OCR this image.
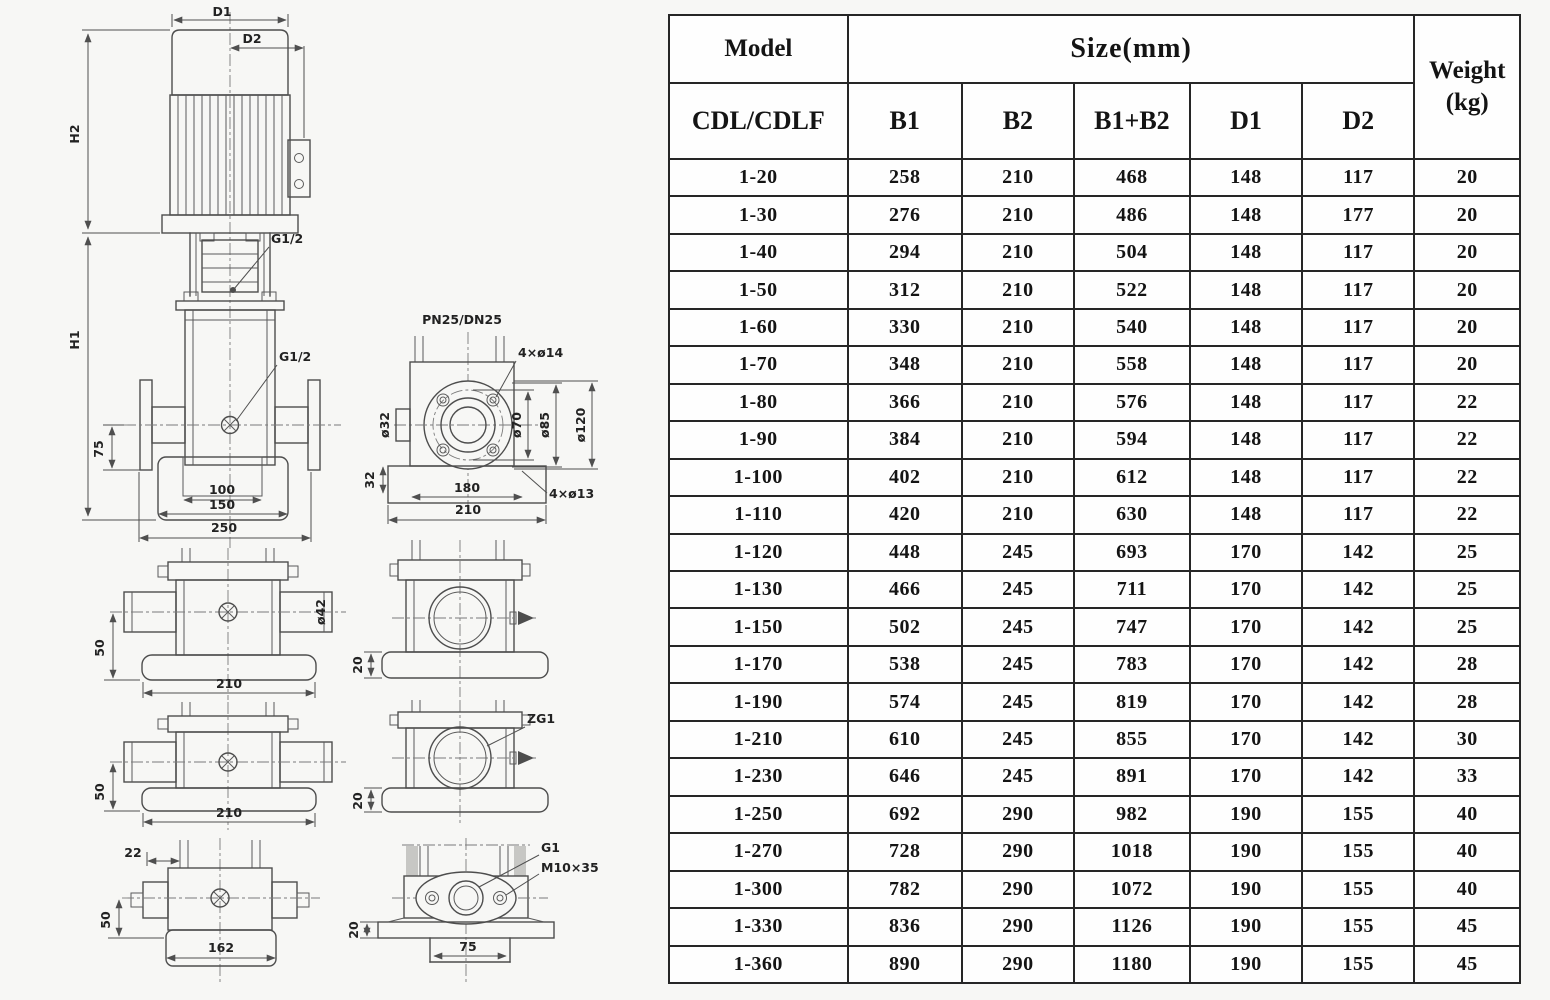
D1
D2
H2
G1/2
G1/2
75
H1
100
150
250
50
210
ø42
50
210
22
50
162
PN25/DN25
4×ø14
ø32	ø70 ø85 ø120
32	180
210
4×ø13
20
ZG1
20
G1
M10×35
75
20
Model	Size(mm)					Weight
(kg)

CDL/CDLF	B1	B2	B1+B2	D1	D2	
1-20	258	210	468	148	117	20
1-30	276	210	486	148	177	20
1-40	294	210	504	148	117	20
1-50	312	210	522	148	117	20
1-60	330	210	540	148	117	20
1-70	348	210	558	148	117	20
1-80	366	210	576	148	117	22
1-90	384	210	594	148	117	22
1-100	402	210	612	148	117	22
1-110	420	210	630	148	117	22
1-120	448	245	693	170	142	25
1-130	466	245	711	170	142	25
1-150	502	245	747	170	142	25
1-170	538	245	783	170	142	28
1-190	574	245	819	170	142	28
1-210	610	245	855	170	142	30
1-230	646	245	891	170	142	33
1-250	692	290	982	190	155	40
1-270	728	290	1018	190	155	40
1-300	782	290	1072	190	155	40
1-330	836	290	1126	190	155	45
1-360	890	290	1180	190	155	45
